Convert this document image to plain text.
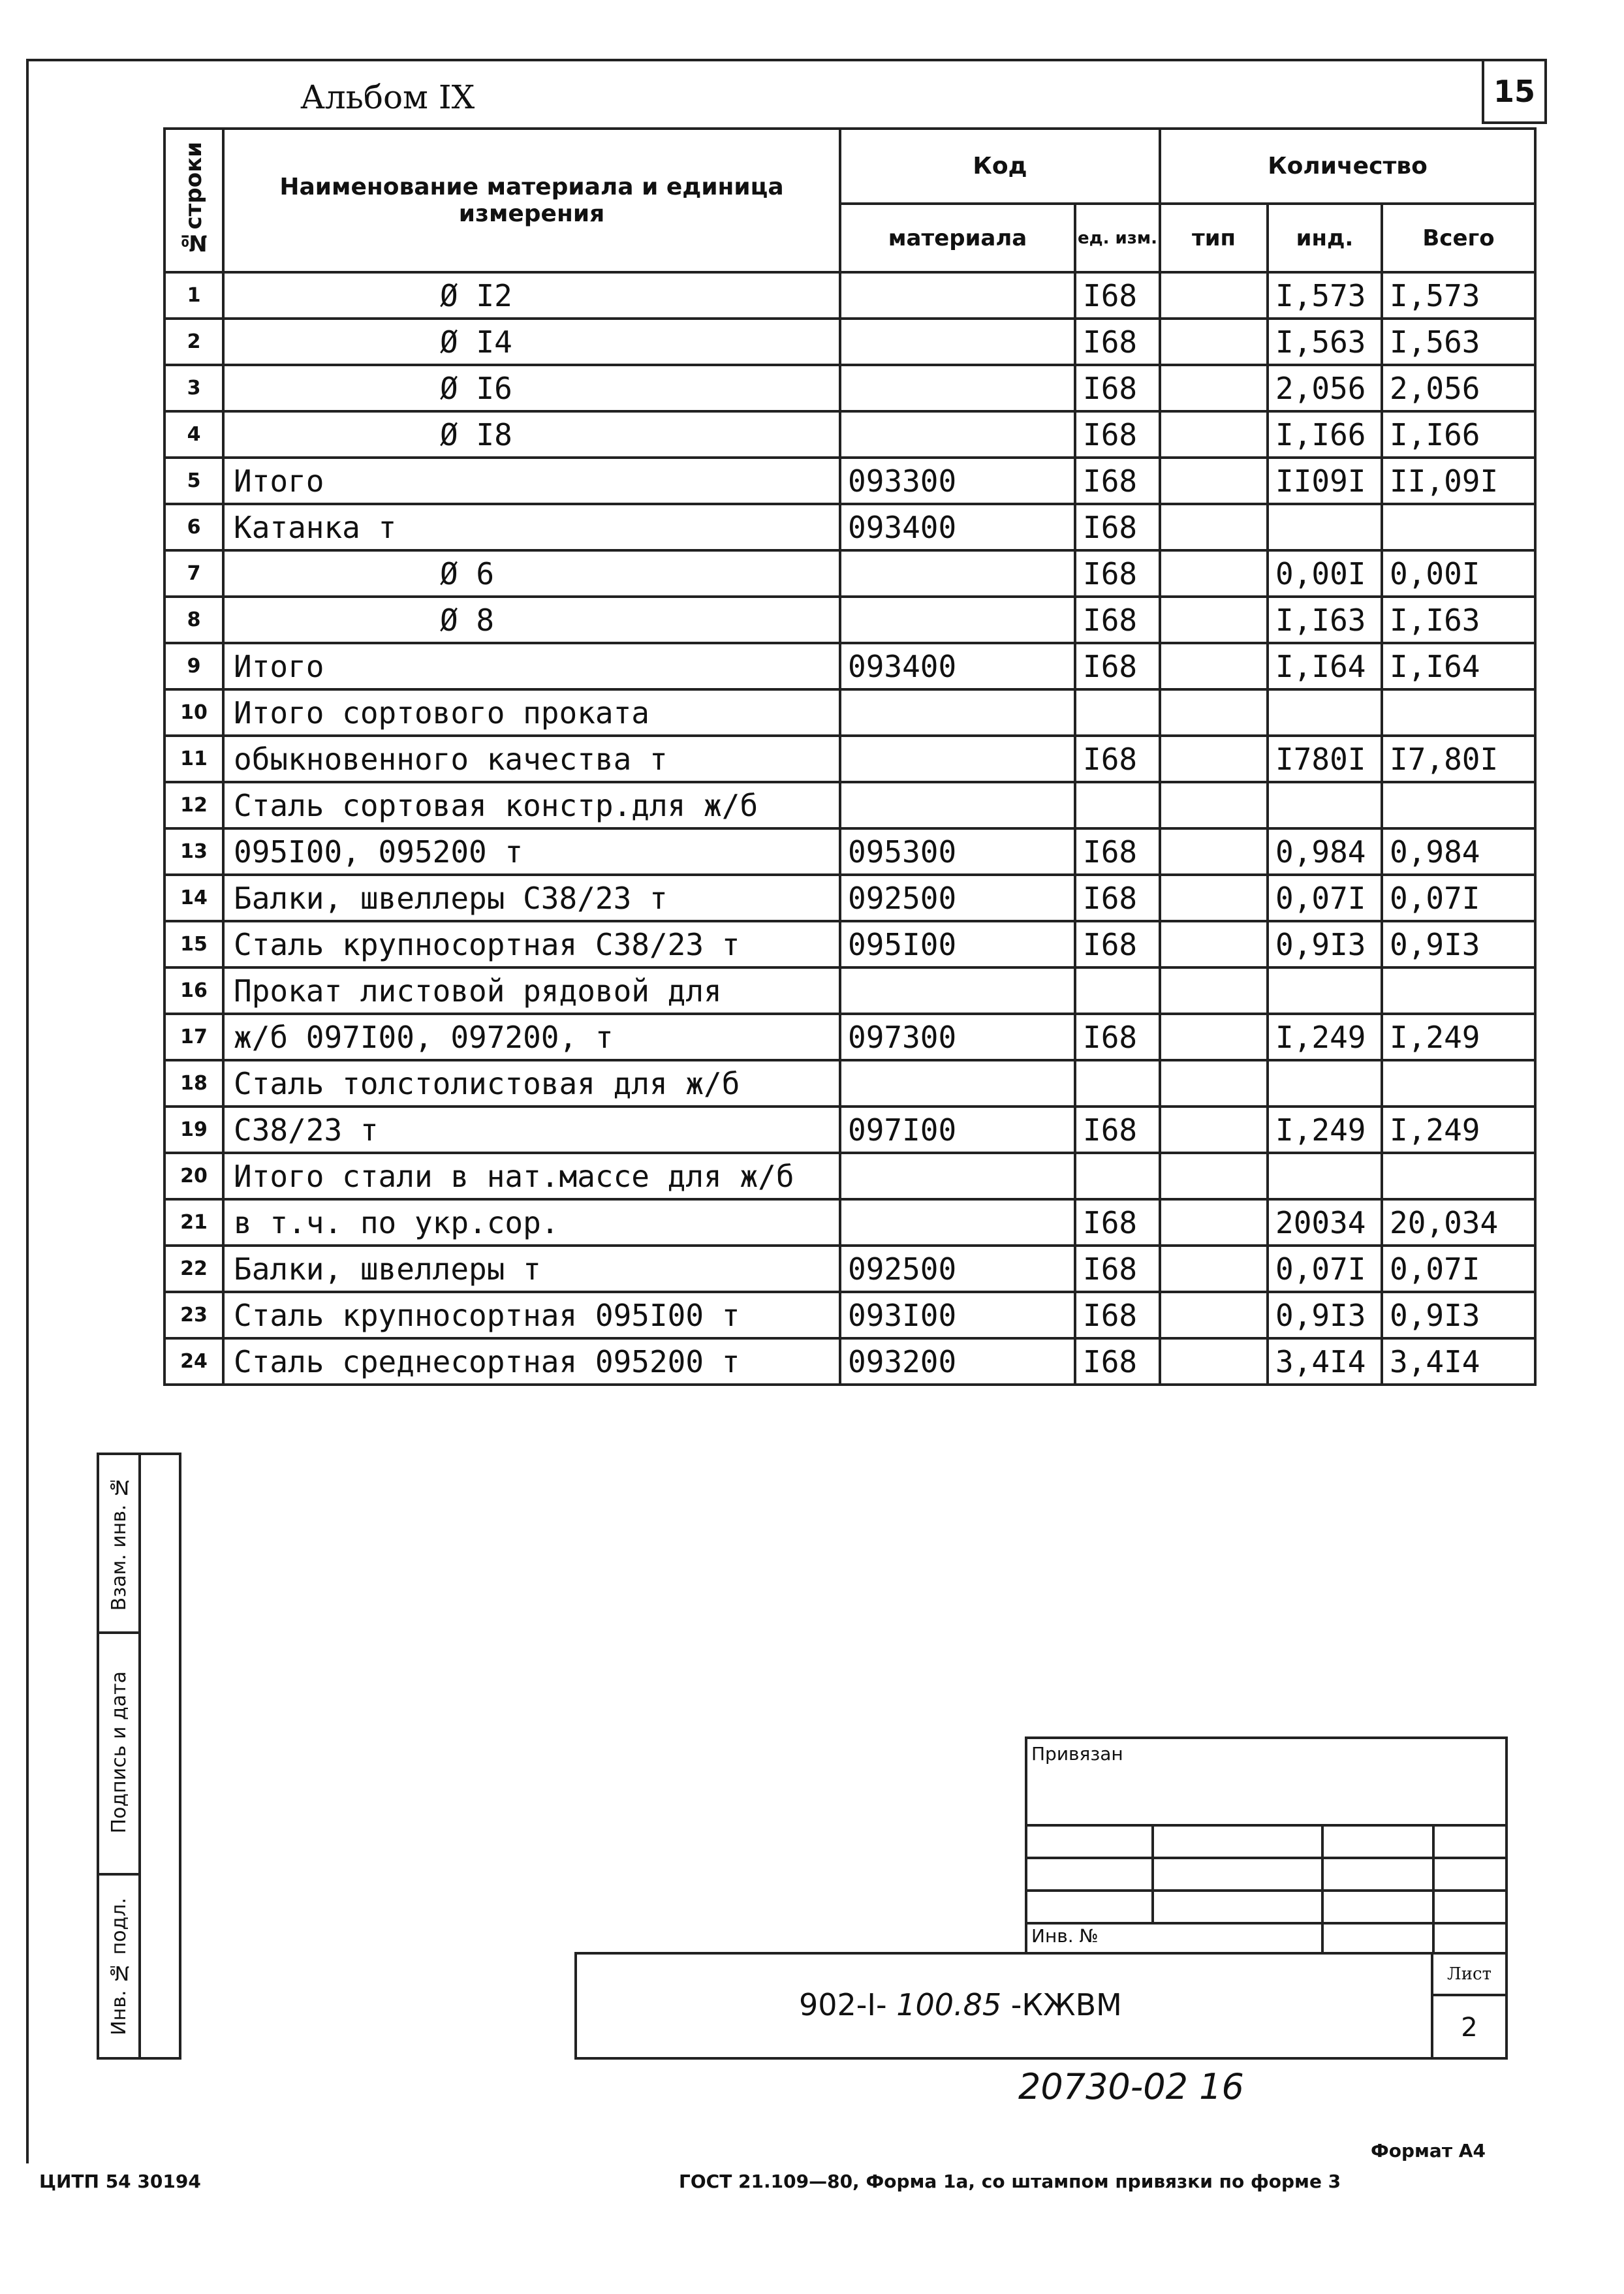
Альбом IX	15
№строки	Наименование материала и единица измерения	Код		Количество		
		материала	ед. изм.	тип	инд.	Всего
1	Ø I2		I68		I,573	I,573
2	Ø I4		I68		I,563	I,563
3	Ø I6		I68		2,056	2,056
4	Ø I8		I68		I,I66	I,I66
5	Итого	093300	I68		II09I	II,09I
6	Катанка т	093400	I68			
7	Ø 6		I68		0,00I	0,00I
8	Ø 8		I68		I,I63	I,I63
9	Итого	093400	I68		I,I64	I,I64
10	Итого сортового проката					
11	обыкновенного качества т		I68		I780I	I7,80I
12	Сталь сортовая констр.для ж/б					
13	095I00, 095200 т	095300	I68		0,984	0,984
14	Балки, швеллеры С38/23 т	092500	I68		0,07I	0,07I
15	Сталь крупносортная С38/23 т	095I00	I68		0,9I3	0,9I3
16	Прокат листовой рядовой для					
17	ж/б 097I00, 097200, т	097300	I68		I,249	I,249
18	Сталь толстолистовая для ж/б					
19	С38/23 т	097I00	I68		I,249	I,249
20	Итого стали в нат.массе для ж/б					
21	в т.ч. по укр.сор.		I68		20034	20,034
22	Балки, швеллеры т	092500	I68		0,07I	0,07I
23	Сталь крупносортная 095I00 т	093I00	I68		0,9I3	0,9I3
24	Сталь среднесортная 095200 т	093200	I68		3,4I4	3,4I4
Взам. инв. №
Подпись и дата
Инв. № подл.
Привязан
Инв. №
902-I- 100.85 -КЖВМ
Лист
2
20730-02 16
Формат А4
ЦИТП 54 30194	ГОСТ 21.109—80, Форма 1а, со штампом привязки по форме 3
